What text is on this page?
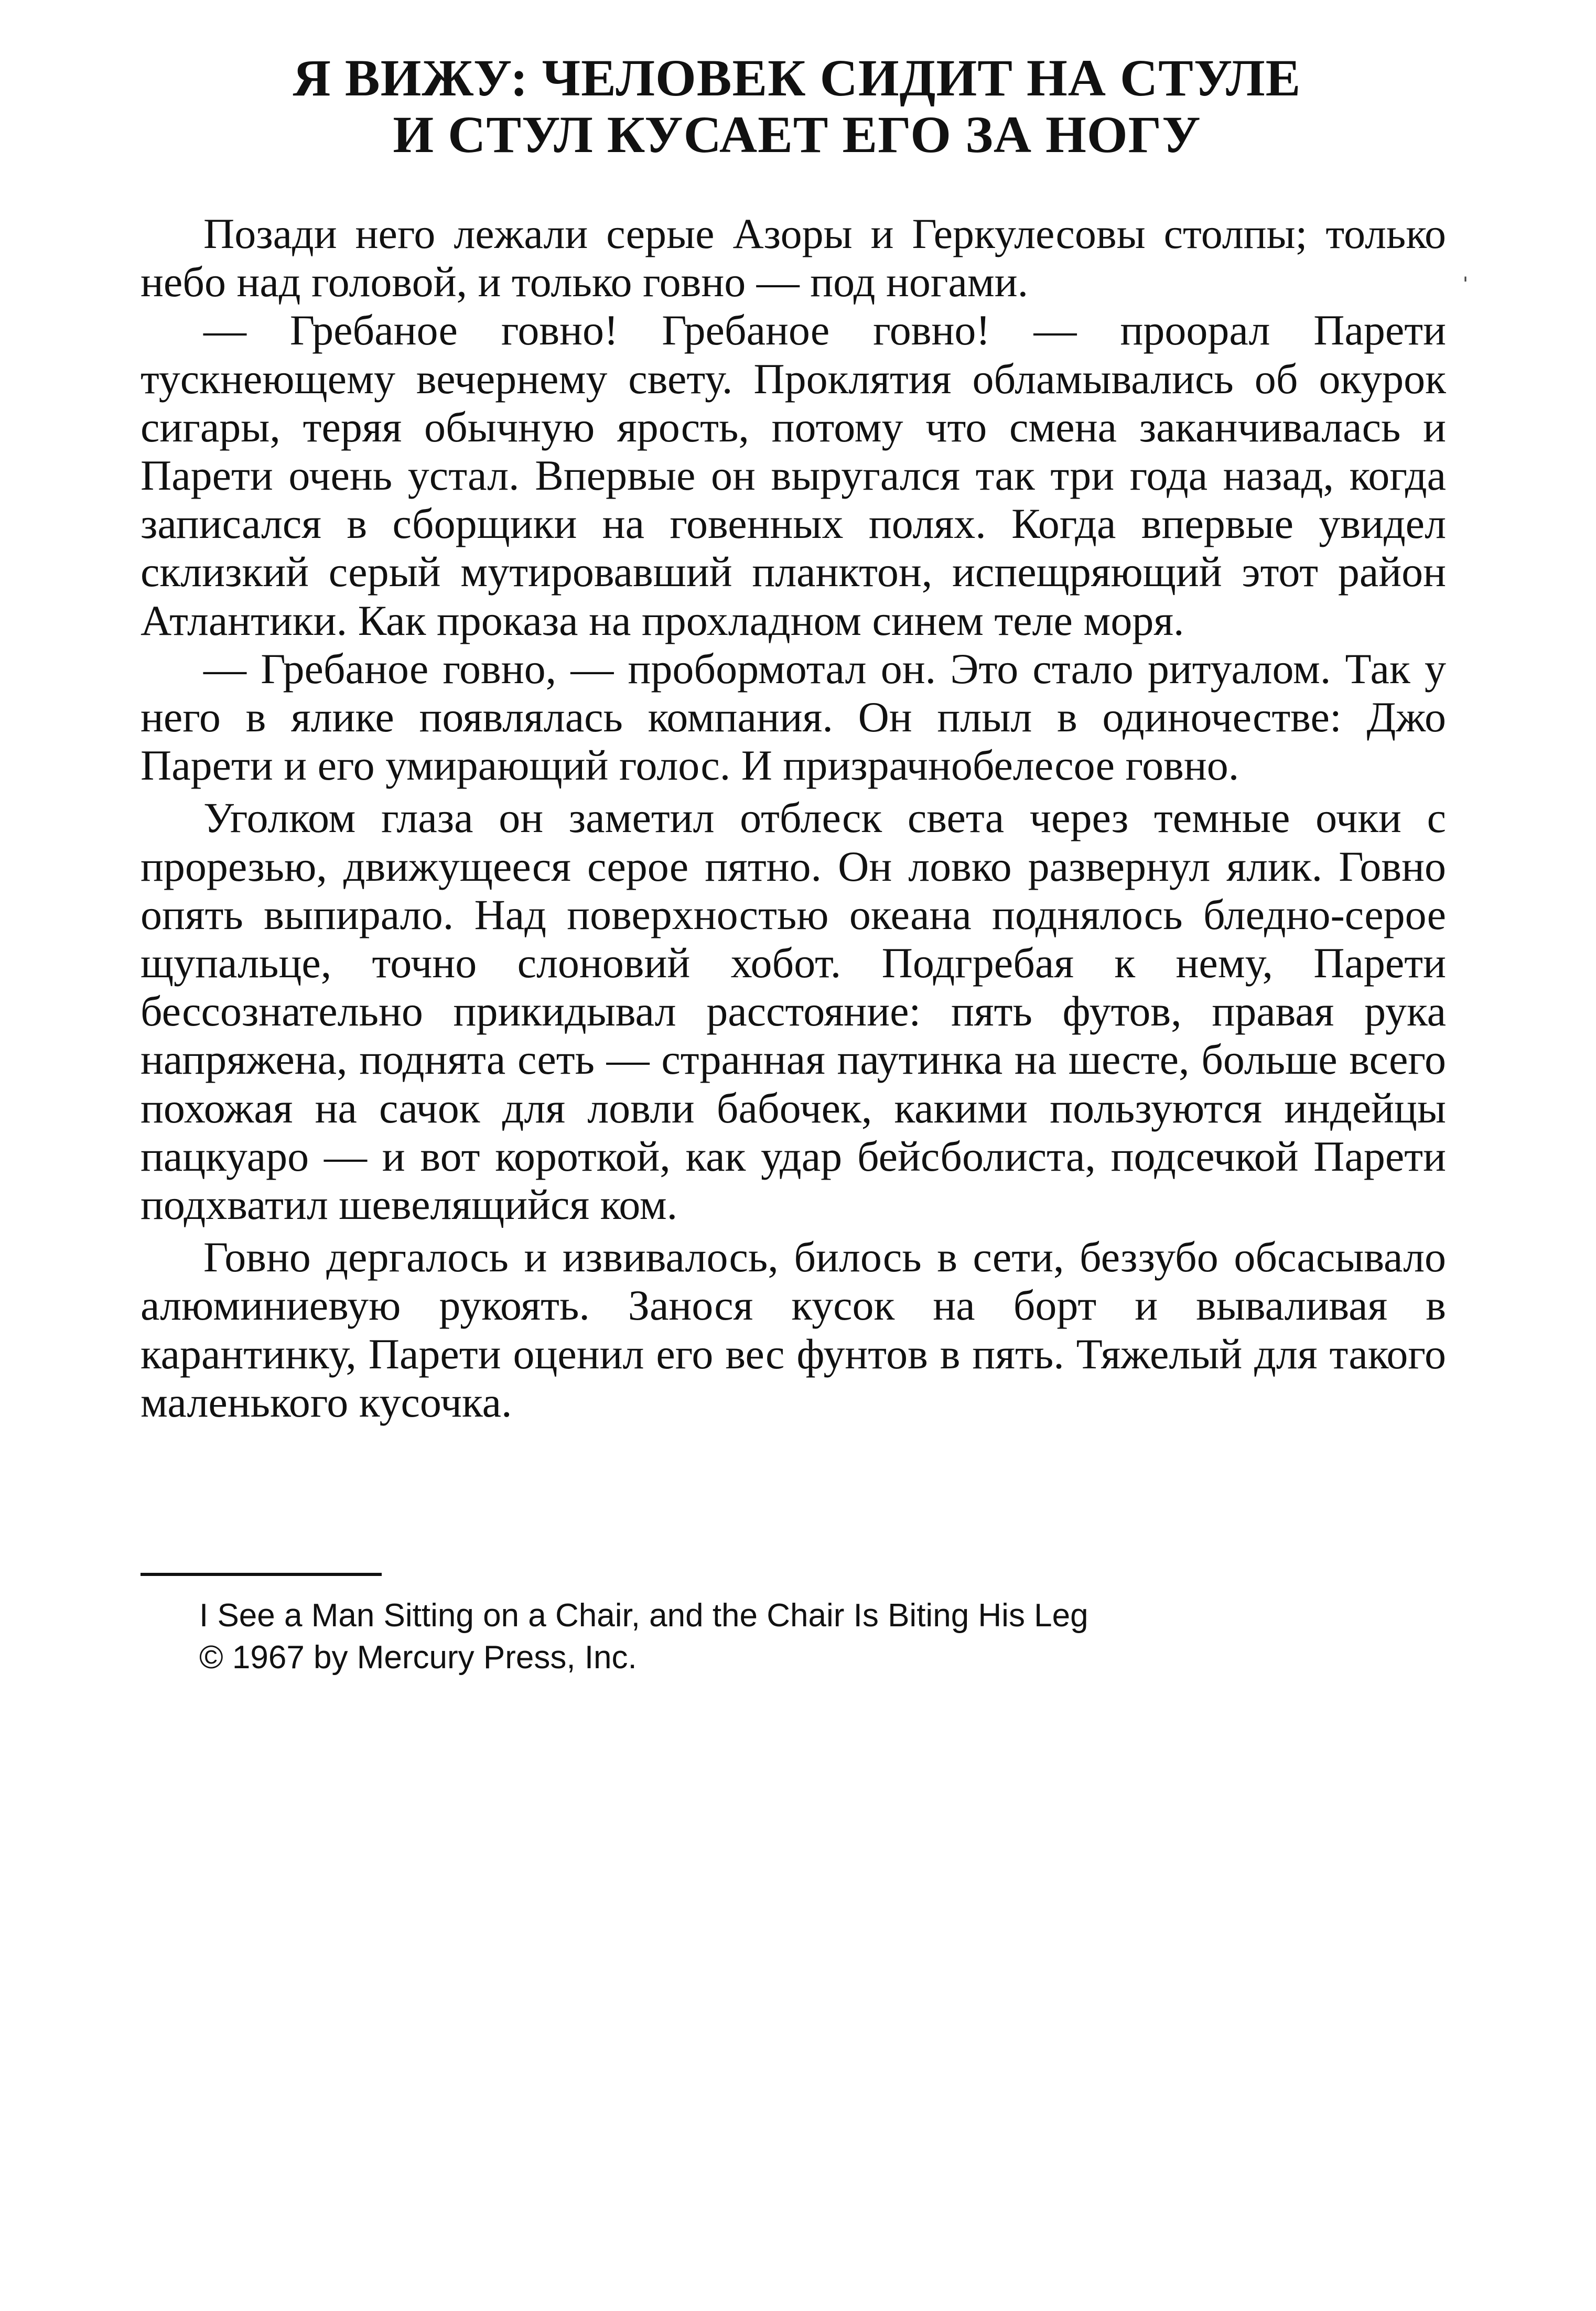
Я ВИЖУ: ЧЕЛОВЕК СИДИТ НА СТУЛЕ
И СТУЛ КУСАЕТ ЕГО ЗА НОГУ

Позади него лежали серые Азоры и Геркулесовы столпы; только небо над головой, и только говно — под ногами.

— Гребаное говно! Гребаное говно! — проорал Парети тускнеющему вечернему свету. Проклятия обламывались об окурок сигары, теряя обычную ярость, потому что смена заканчивалась и Парети очень устал. Впервые он выругался так три года назад, когда записался в сборщики на говенных полях. Когда впервые увидел склизкий серый мутировавший планктон, испещряющий этот район Атлантики. Как проказа на прохладном синем теле моря.

— Гребаное говно, — пробормотал он. Это стало ритуалом. Так у него в ялике появлялась компания. Он плыл в одиночестве: Джо Парети и его умирающий голос. И призрачнобелесое говно.

Уголком глаза он заметил отблеск света через темные очки с прорезью, движущееся серое пятно. Он ловко развернул ялик. Говно опять выпирало. Над поверхностью океана поднялось бледно-серое щупальце, точно слоновий хобот. Подгребая к нему, Парети бессознательно прикидывал расстояние: пять футов, правая рука напряжена, поднята сеть — странная паутинка на шесте, больше всего похожая на сачок для ловли бабочек, какими пользуются индейцы пацкуаро — и вот короткой, как удар бейсболиста, подсечкой Парети подхватил шевелящийся ком.

Говно дергалось и извивалось, билось в сети, беззубо обсасывало алюминиевую рукоять. Занося кусок на борт и вываливая в карантинку, Парети оценил его вес фунтов в пять. Тяжелый для такого маленького кусочка.

ˌ
I See a Man Sitting on a Chair, and the Chair Is Biting His Leg
© 1967 by Mercury Press, Inc.
